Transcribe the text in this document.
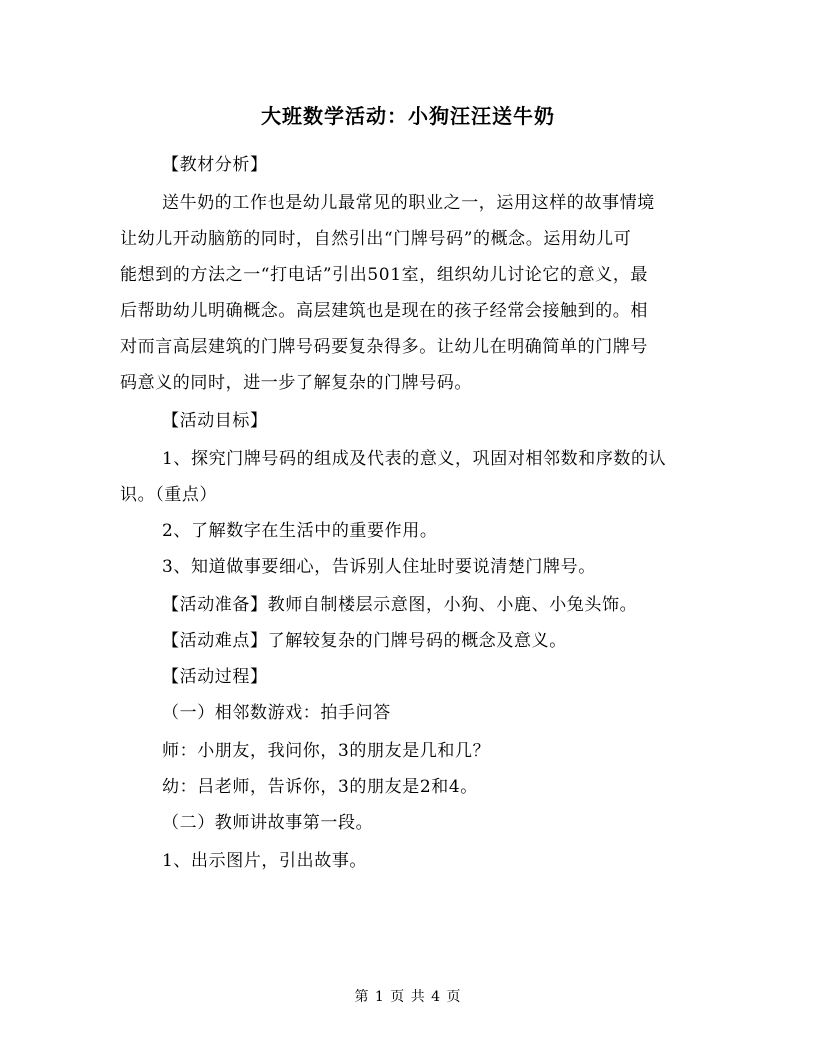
大班数学活动：小狗汪汪送牛奶
【教材分析】
送牛奶的工作也是幼儿最常见的职业之一，运用这样的故事情境
让幼儿开动脑筋的同时，自然引出“门牌号码”的概念。运用幼儿可
能想到的方法之一“打电话”引出501室，组织幼儿讨论它的意义，最
后帮助幼儿明确概念。高层建筑也是现在的孩子经常会接触到的。相
对而言高层建筑的门牌号码要复杂得多。让幼儿在明确简单的门牌号
码意义的同时，进一步了解复杂的门牌号码。
【活动目标】
1、探究门牌号码的组成及代表的意义，巩固对相邻数和序数的认
识。（重点）
2、了解数字在生活中的重要作用。
3、知道做事要细心，告诉别人住址时要说清楚门牌号。
【活动准备】教师自制楼层示意图，小狗、小鹿、小兔头饰。
【活动难点】了解较复杂的门牌号码的概念及意义。
【活动过程】
（一）相邻数游戏：拍手问答
师：小朋友，我问你，3的朋友是几和几？
幼：吕老师，告诉你，3的朋友是2和4。
（二）教师讲故事第一段。
1、出示图片，引出故事。
第 1 页 共 4 页
